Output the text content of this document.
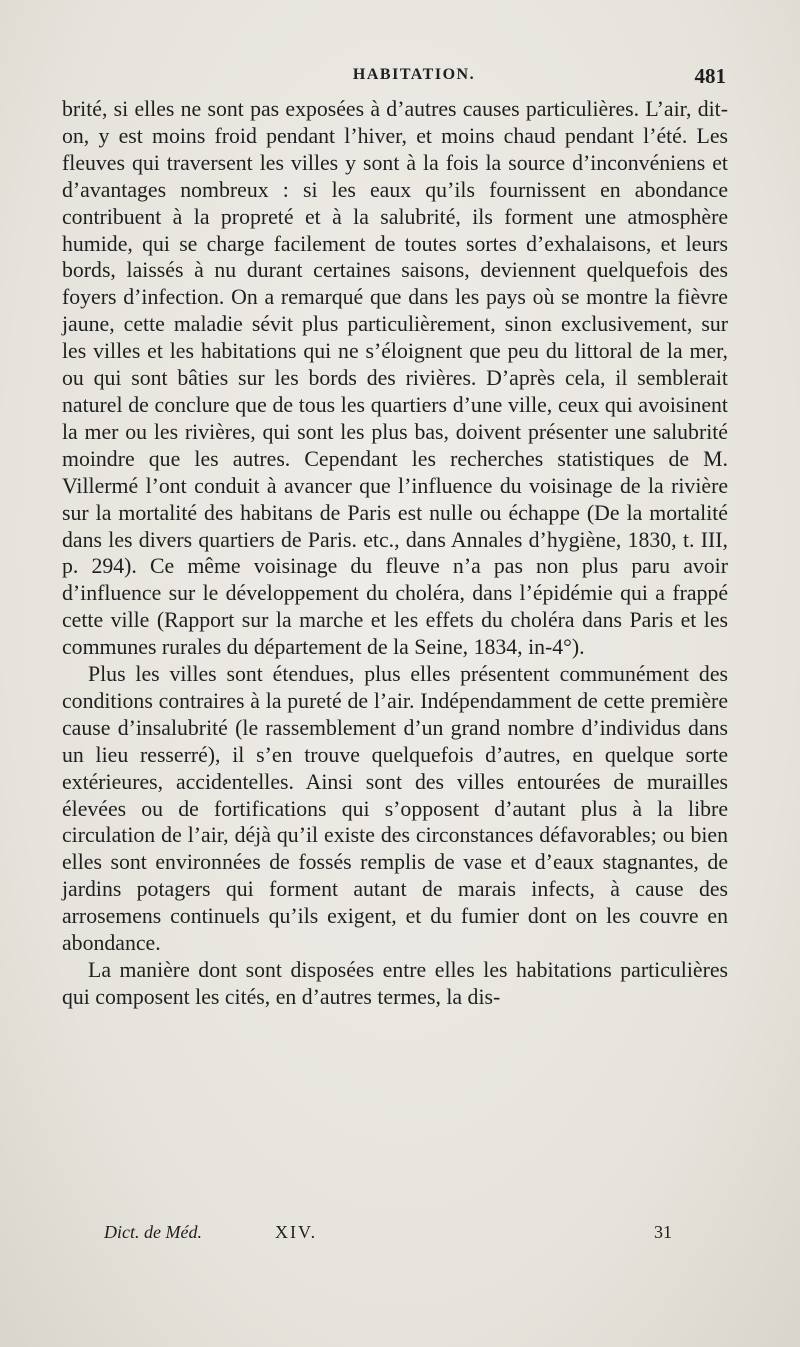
HABITATION.	481

brité, si elles ne sont pas exposées à d’autres causes particulières. L’air, dit-on, y est moins froid pendant l’hiver, et moins chaud pendant l’été. Les fleuves qui traversent les villes y sont à la fois la source d’inconvéniens et d’avantages nombreux : si les eaux qu’ils fournissent en abondance contribuent à la propreté et à la salubrité, ils forment une atmosphère humide, qui se charge facilement de toutes sortes d’exhalaisons, et leurs bords, laissés à nu durant certaines saisons, deviennent quelquefois des foyers d’infection. On a remarqué que dans les pays où se montre la fièvre jaune, cette maladie sévit plus particulièrement, sinon exclusivement, sur les villes et les habitations qui ne s’éloignent que peu du littoral de la mer, ou qui sont bâties sur les bords des rivières. D’après cela, il semblerait naturel de conclure que de tous les quartiers d’une ville, ceux qui avoisinent la mer ou les rivières, qui sont les plus bas, doivent présenter une salubrité moindre que les autres. Cependant les recherches statistiques de M. Villermé l’ont conduit à avancer que l’influence du voisinage de la rivière sur la mortalité des habitans de Paris est nulle ou échappe (De la mortalité dans les divers quartiers de Paris. etc., dans Annales d’hygiène, 1830, t. III, p. 294). Ce même voisinage du fleuve n’a pas non plus paru avoir d’influence sur le développement du choléra, dans l’épidémie qui a frappé cette ville (Rapport sur la marche et les effets du choléra dans Paris et les communes rurales du département de la Seine, 1834, in-4°).

Plus les villes sont étendues, plus elles présentent communément des conditions contraires à la pureté de l’air. Indépendamment de cette première cause d’insalubrité (le rassemblement d’un grand nombre d’individus dans un lieu resserré), il s’en trouve quelquefois d’autres, en quelque sorte extérieures, accidentelles. Ainsi sont des villes entourées de murailles élevées ou de fortifications qui s’opposent d’autant plus à la libre circulation de l’air, déjà qu’il existe des circonstances défavorables; ou bien elles sont environnées de fossés remplis de vase et d’eaux stagnantes, de jardins potagers qui forment autant de marais infects, à cause des arrosemens continuels qu’ils exigent, et du fumier dont on les couvre en abondance.

La manière dont sont disposées entre elles les habitations particulières qui composent les cités, en d’autres termes, la dis-

Dict. de Méd.	XIV.	31
